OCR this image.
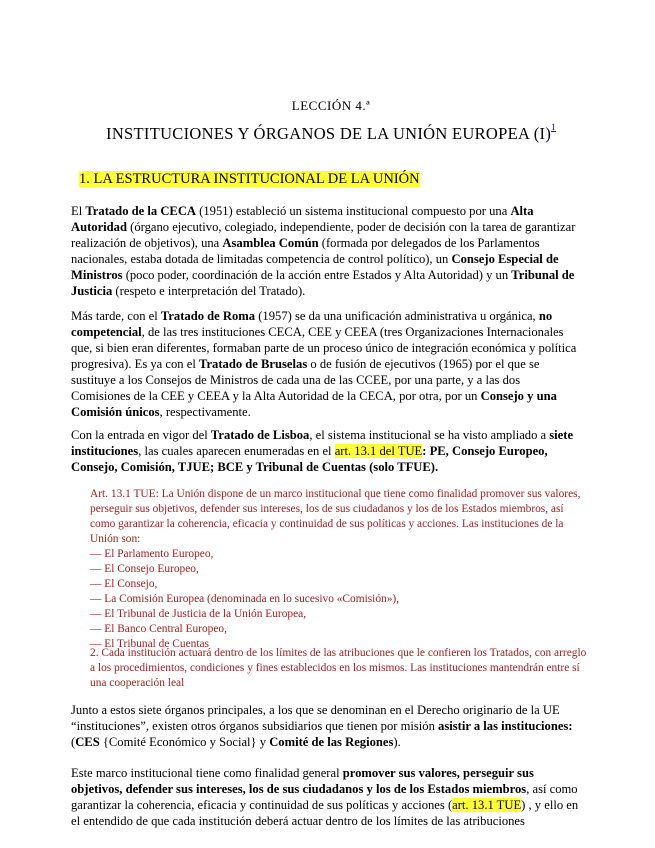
LECCIÓN 4.ª
INSTITUCIONES Y ÓRGANOS DE LA UNIÓN EUROPEA $(I)^1$
1. LA ESTRUCTURA INSTITUCIONAL DE LA UNIÓN
El Tratado de la CECA (1951) estableció un sistema institucional compuesto por una Alta Autoridad (órgano ejecutivo, colegiado, independiente, poder de decisión con la tarea de garantizar realización de objetivos), una Asamblea Común (formada por delegados de los Parlamentos nacionales, estaba dotada de limitadas competencia de control político), un Consejo Especial de Ministros (poco poder, coordinación de la acción entre Estados y Alta Autoridad) y un Tribunal de Justicia (respeto e interpretación del Tratado).
Más tarde, con el Tratado de Roma (1957) se da una unificación administrativa u orgánica, no competencial, de las tres instituciones CECA, CEE y CEEA (tres Organizaciones Internacionales que, si bien eran diferentes, formaban parte de un proceso único de integración económica y política progresiva). Es ya con el Tratado de Bruselas o de fusión de ejecutivos (1965) por el que se sustituye a los Consejos de Ministros de cada una de las CCEE, por una parte, y a las dos Comisiones de la CEE y CEEA y la Alta Autoridad de la CECA, por otra, por un Consejo y una Comisión únicos, respectivamente.
Con la entrada en vigor del Tratado de Lisboa, el sistema institucional se ha visto ampliado a siete instituciones, las cuales aparecen enumeradas en el art. 13.1 del TUE: PE, Consejo Europeo, Consejo, Comisión, TJUE; BCE y Tribunal de Cuentas (solo TFUE).
Art. 13.1 TUE: La Unión dispone de un marco institucional que tiene como finalidad promover sus valores, perseguir sus objetivos, defender sus intereses, los de sus ciudadanos y los de los Estados miembros, así como garantizar la coherencia, eficacia y continuidad de sus políticas y acciones. Las instituciones de la Unión son:
— El Parlamento Europeo,
— El Consejo Europeo,
— El Consejo,
— La Comisión Europea (denominada en lo sucesivo «Comisión»),
— El Tribunal de Justicia de la Unión Europea,
— El Banco Central Europeo,
— El Tribunal de Cuentas
2. Cada institución actuará dentro de los límites de las atribuciones que le confieren los Tratados, con arreglo a los procedimientos, condiciones y fines establecidos en los mismos. Las instituciones mantendrán entre sí una cooperación leal
Junto a estos siete órganos principales, a los que se denominan en el Derecho originario de la UE “instituciones”, existen otros órganos subsidiarios que tienen por misión asistir a las instituciones: (CES {Comité Económico y Social} y Comité de las Regiones).
Este marco institucional tiene como finalidad general promover sus valores, perseguir sus objetivos, defender sus intereses, los de sus ciudadanos y los de los Estados miembros, así como garantizar la coherencia, eficacia y continuidad de sus políticas y acciones (art. 13.1 TUE) , y ello en el entendido de que cada institución deberá actuar dentro de los límites de las atribuciones
